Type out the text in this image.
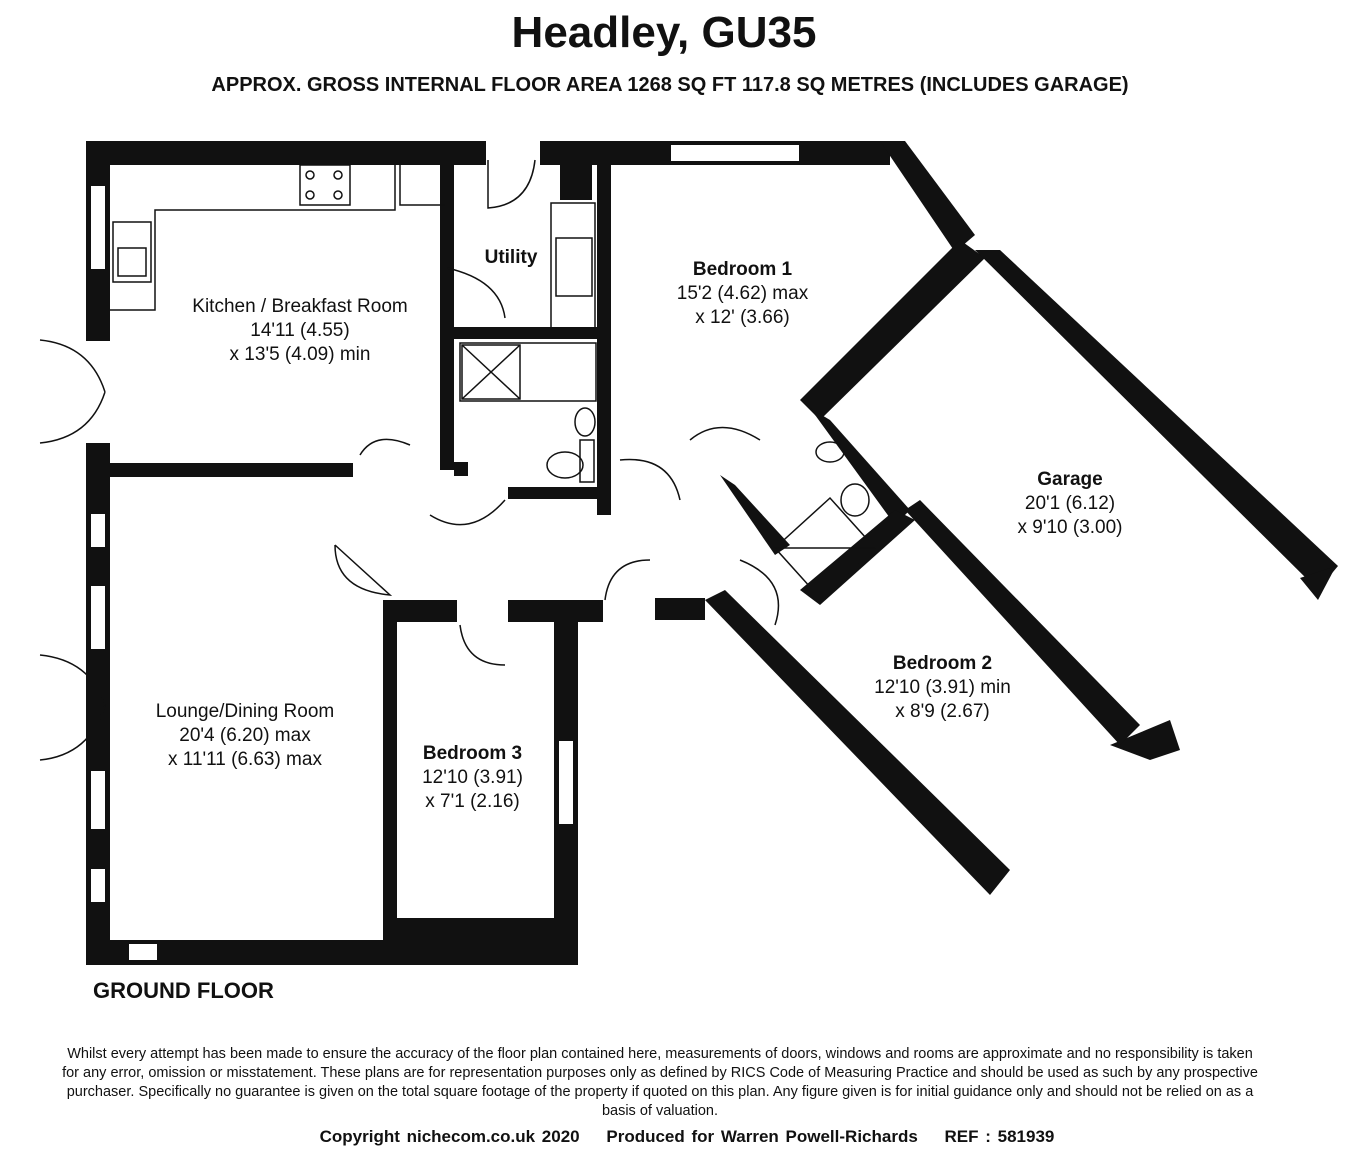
Headley, GU35
APPROX. GROSS INTERNAL FLOOR AREA 1268 SQ FT 117.8 SQ METRES (INCLUDES GARAGE)
Kitchen / Breakfast Room
14'11 (4.55)
x 13'5 (4.09) min
Utility
Bedroom 1
15'2 (4.62) max
x 12' (3.66)
Garage
20'1 (6.12)
x 9'10 (3.00)
Bedroom 2
12'10 (3.91) min
x 8'9 (2.67)
Lounge/Dining Room
20'4 (6.20) max
x 11'11 (6.63) max	Bedroom 3
12'10 (3.91)
x 7'1 (2.16)
GROUND FLOOR
Whilst every attempt has been made to ensure the accuracy of the floor plan contained here, measurements of doors, windows and rooms are approximate and no responsibility is taken for any error, omission or misstatement. These plans are for representation purposes only as defined by RICS Code of Measuring Practice and should be used as such by any prospective purchaser. Specifically no guarantee is given on the total square footage of the property if quoted on this plan. Any figure given is for initial guidance only and should not be relied on as a basis of valuation.
Copyright nichecom.co.uk 2020 Produced for Warren Powell-Richards REF : 581939
